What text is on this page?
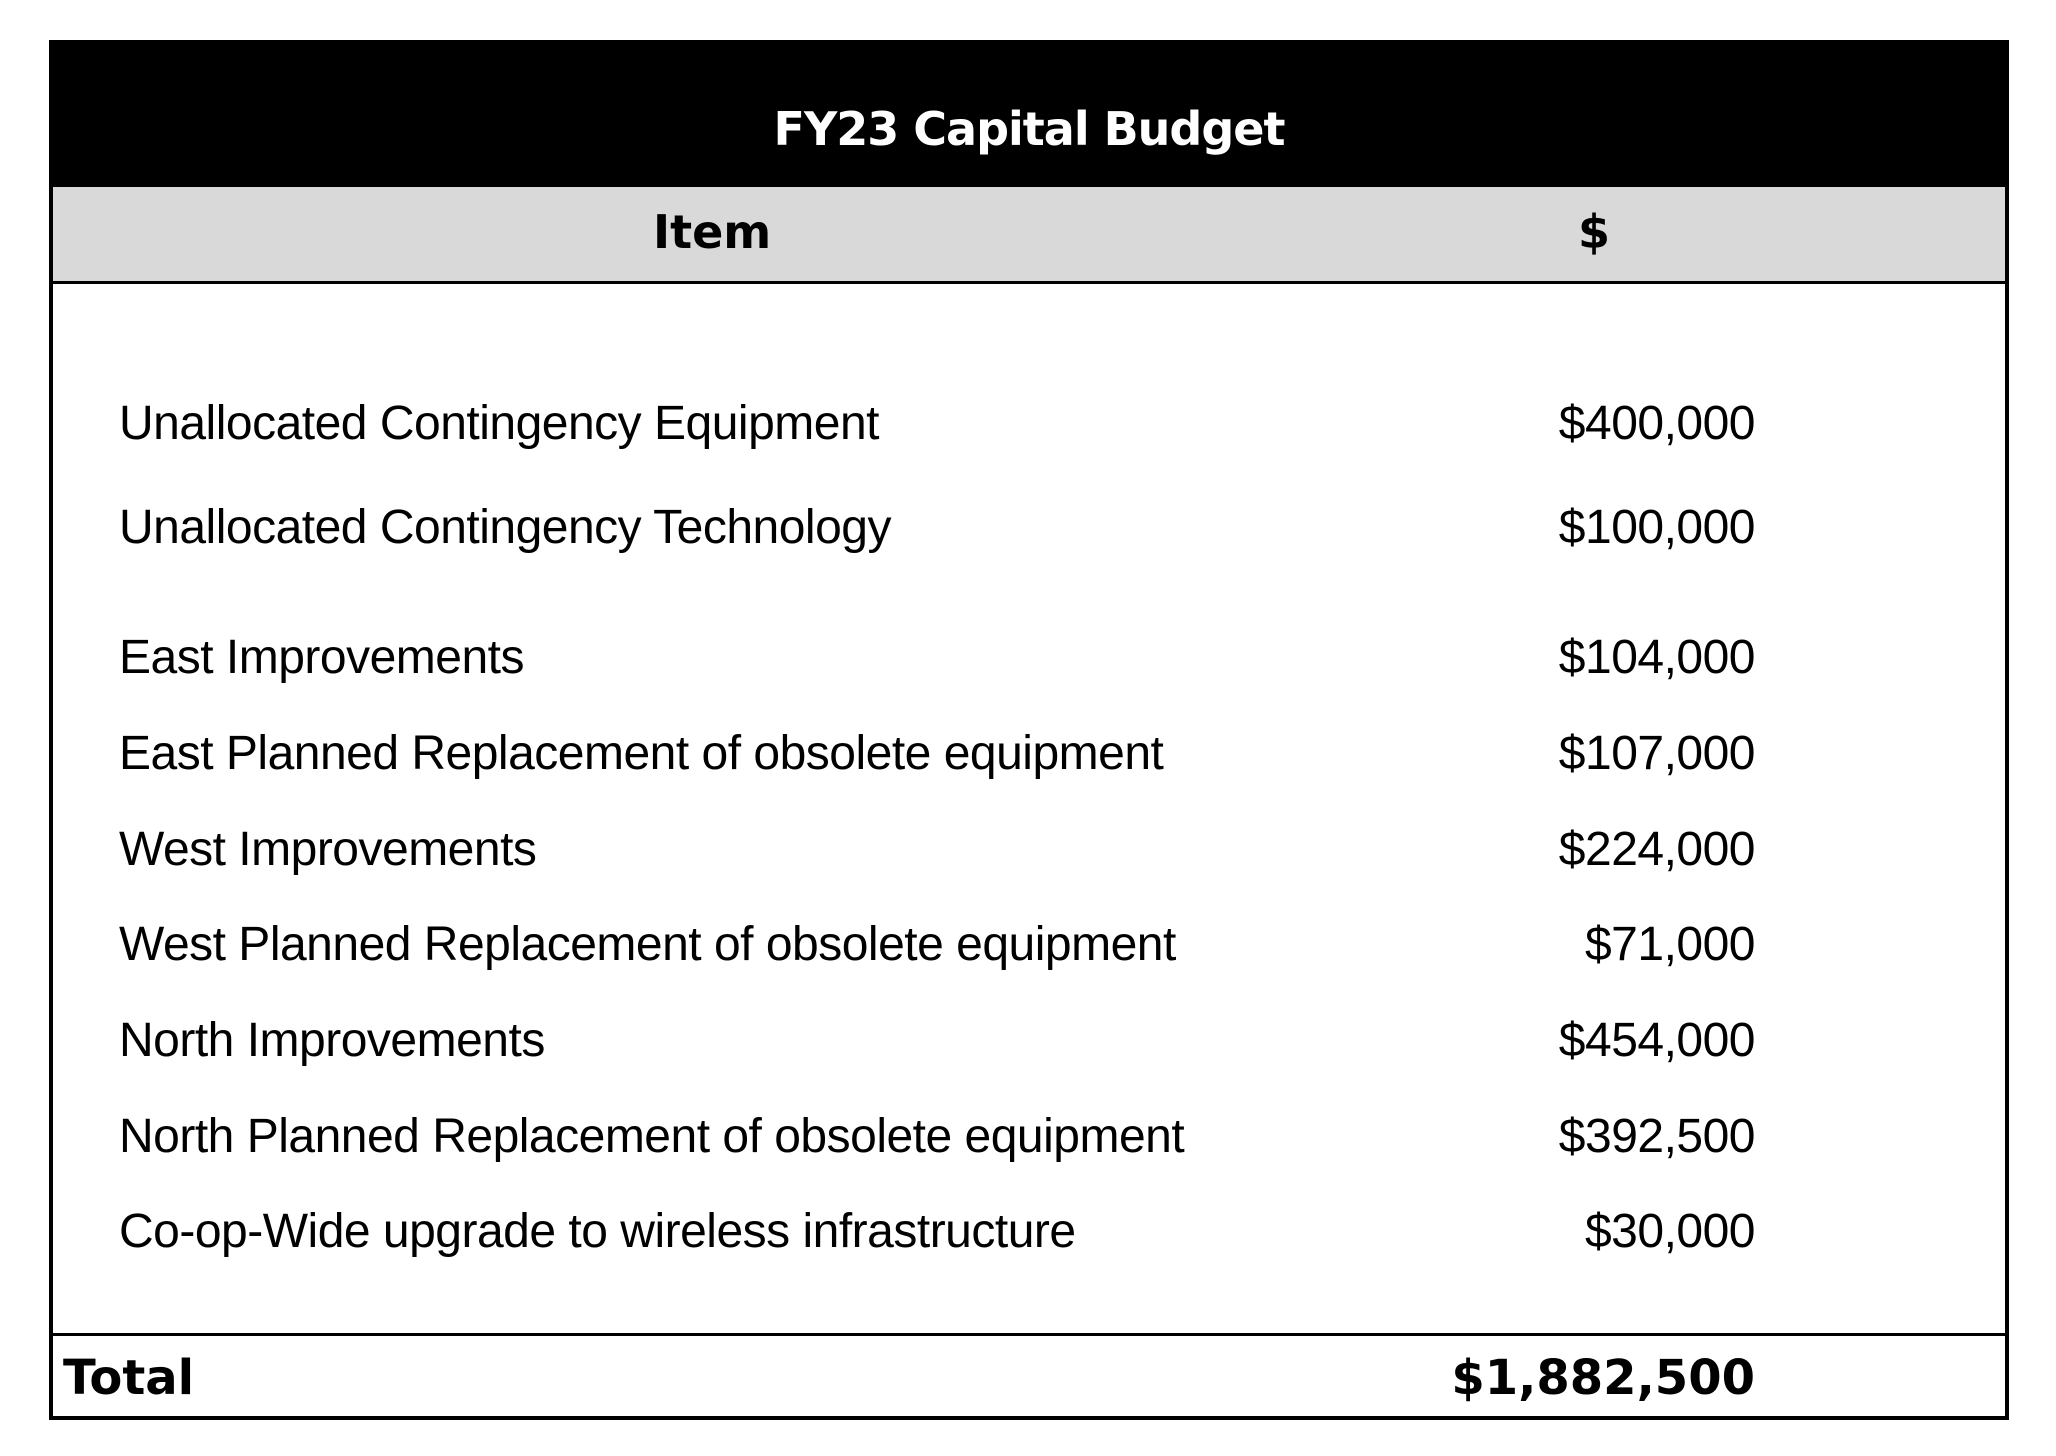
FY23 Capital Budget
Item	$
Unallocated Contingency Equipment	$400,000
Unallocated Contingency Technology	$100,000
East Improvements	$104,000
East Planned Replacement of obsolete equipment	$107,000
West Improvements	$224,000
West Planned Replacement of obsolete equipment	$71,000
North Improvements	$454,000
North Planned Replacement of obsolete equipment	$392,500
Co-op-Wide upgrade to wireless infrastructure	$30,000
Total	$1,882,500
